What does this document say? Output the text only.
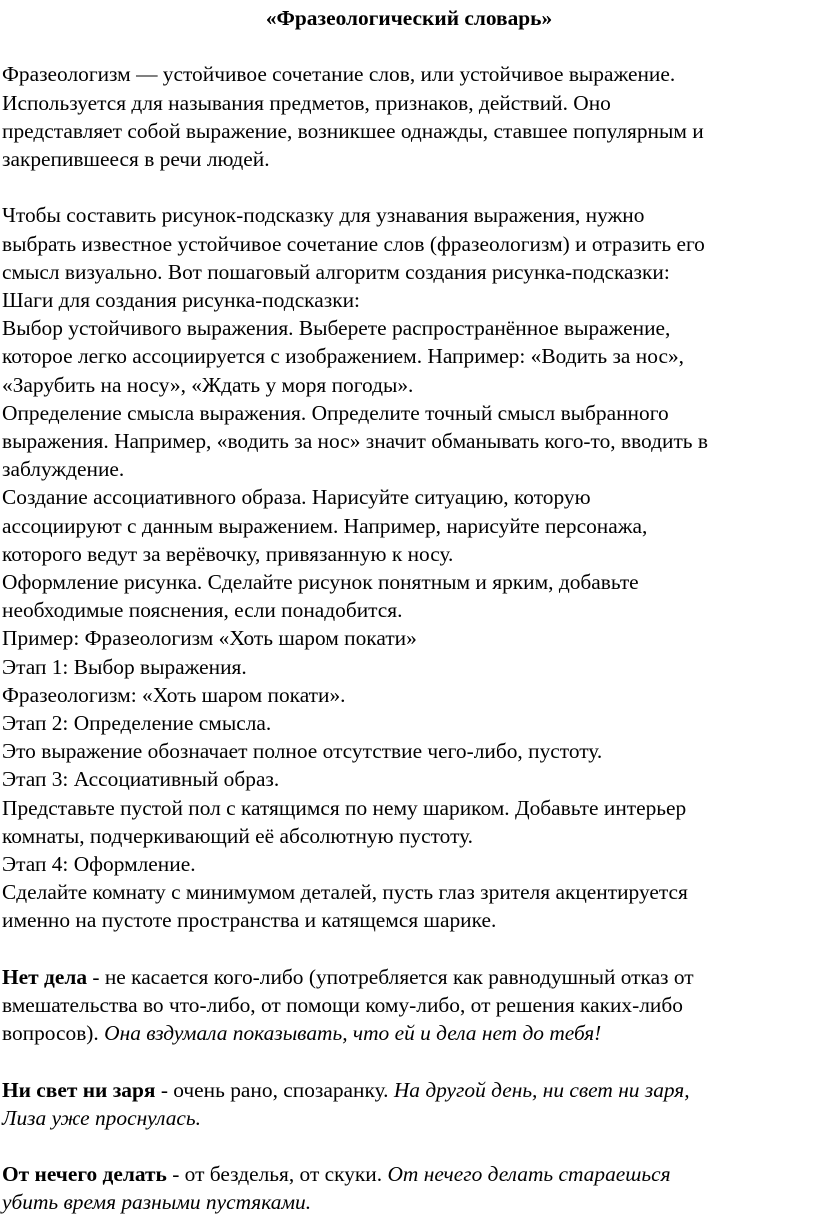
«Фразеологический словарь»

Фразеологизм — устойчивое сочетание слов, или устойчивое выражение.

Используется для называния предметов, признаков, действий. Оно

представляет собой выражение, возникшее однажды, ставшее популярным и

закрепившееся в речи людей.

Чтобы составить рисунок-подсказку для узнавания выражения, нужно

выбрать известное устойчивое сочетание слов (фразеологизм) и отразить его

смысл визуально. Вот пошаговый алгоритм создания рисунка-подсказки:

Шаги для создания рисунка-подсказки:

Выбор устойчивого выражения. Выберете распространённое выражение,

которое легко ассоциируется с изображением. Например: «Водить за нос»,

«Зарубить на носу», «Ждать у моря погоды».

Определение смысла выражения. Определите точный смысл выбранного

выражения. Например, «водить за нос» значит обманывать кого-то, вводить в

заблуждение.

Создание ассоциативного образа. Нарисуйте ситуацию, которую

ассоциируют с данным выражением. Например, нарисуйте персонажа,

которого ведут за верёвочку, привязанную к носу.

Оформление рисунка. Сделайте рисунок понятным и ярким, добавьте

необходимые пояснения, если понадобится.

Пример: Фразеологизм «Хоть шаром покати»

Этап 1: Выбор выражения.

Фразеологизм: «Хоть шаром покати».

Этап 2: Определение смысла.

Это выражение обозначает полное отсутствие чего-либо, пустоту.

Этап 3: Ассоциативный образ.

Представьте пустой пол с катящимся по нему шариком. Добавьте интерьер

комнаты, подчеркивающий её абсолютную пустоту.

Этап 4: Оформление.

Сделайте комнату с минимумом деталей, пусть глаз зрителя акцентируется

именно на пустоте пространства и катящемся шарике.

Нет дела - не касается кого-либо (употребляется как равнодушный отказ от

вмешательства во что-либо, от помощи кому-либо, от решения каких-либо

вопросов). Она вздумала показывать, что ей и дела нет до тебя!

Ни свет ни заря - очень рано, спозаранку. На другой день, ни свет ни заря,

Лиза уже проснулась.

От нечего делать - от безделья, от скуки. От нечего делать стараешься

убить время разными пустяками.
